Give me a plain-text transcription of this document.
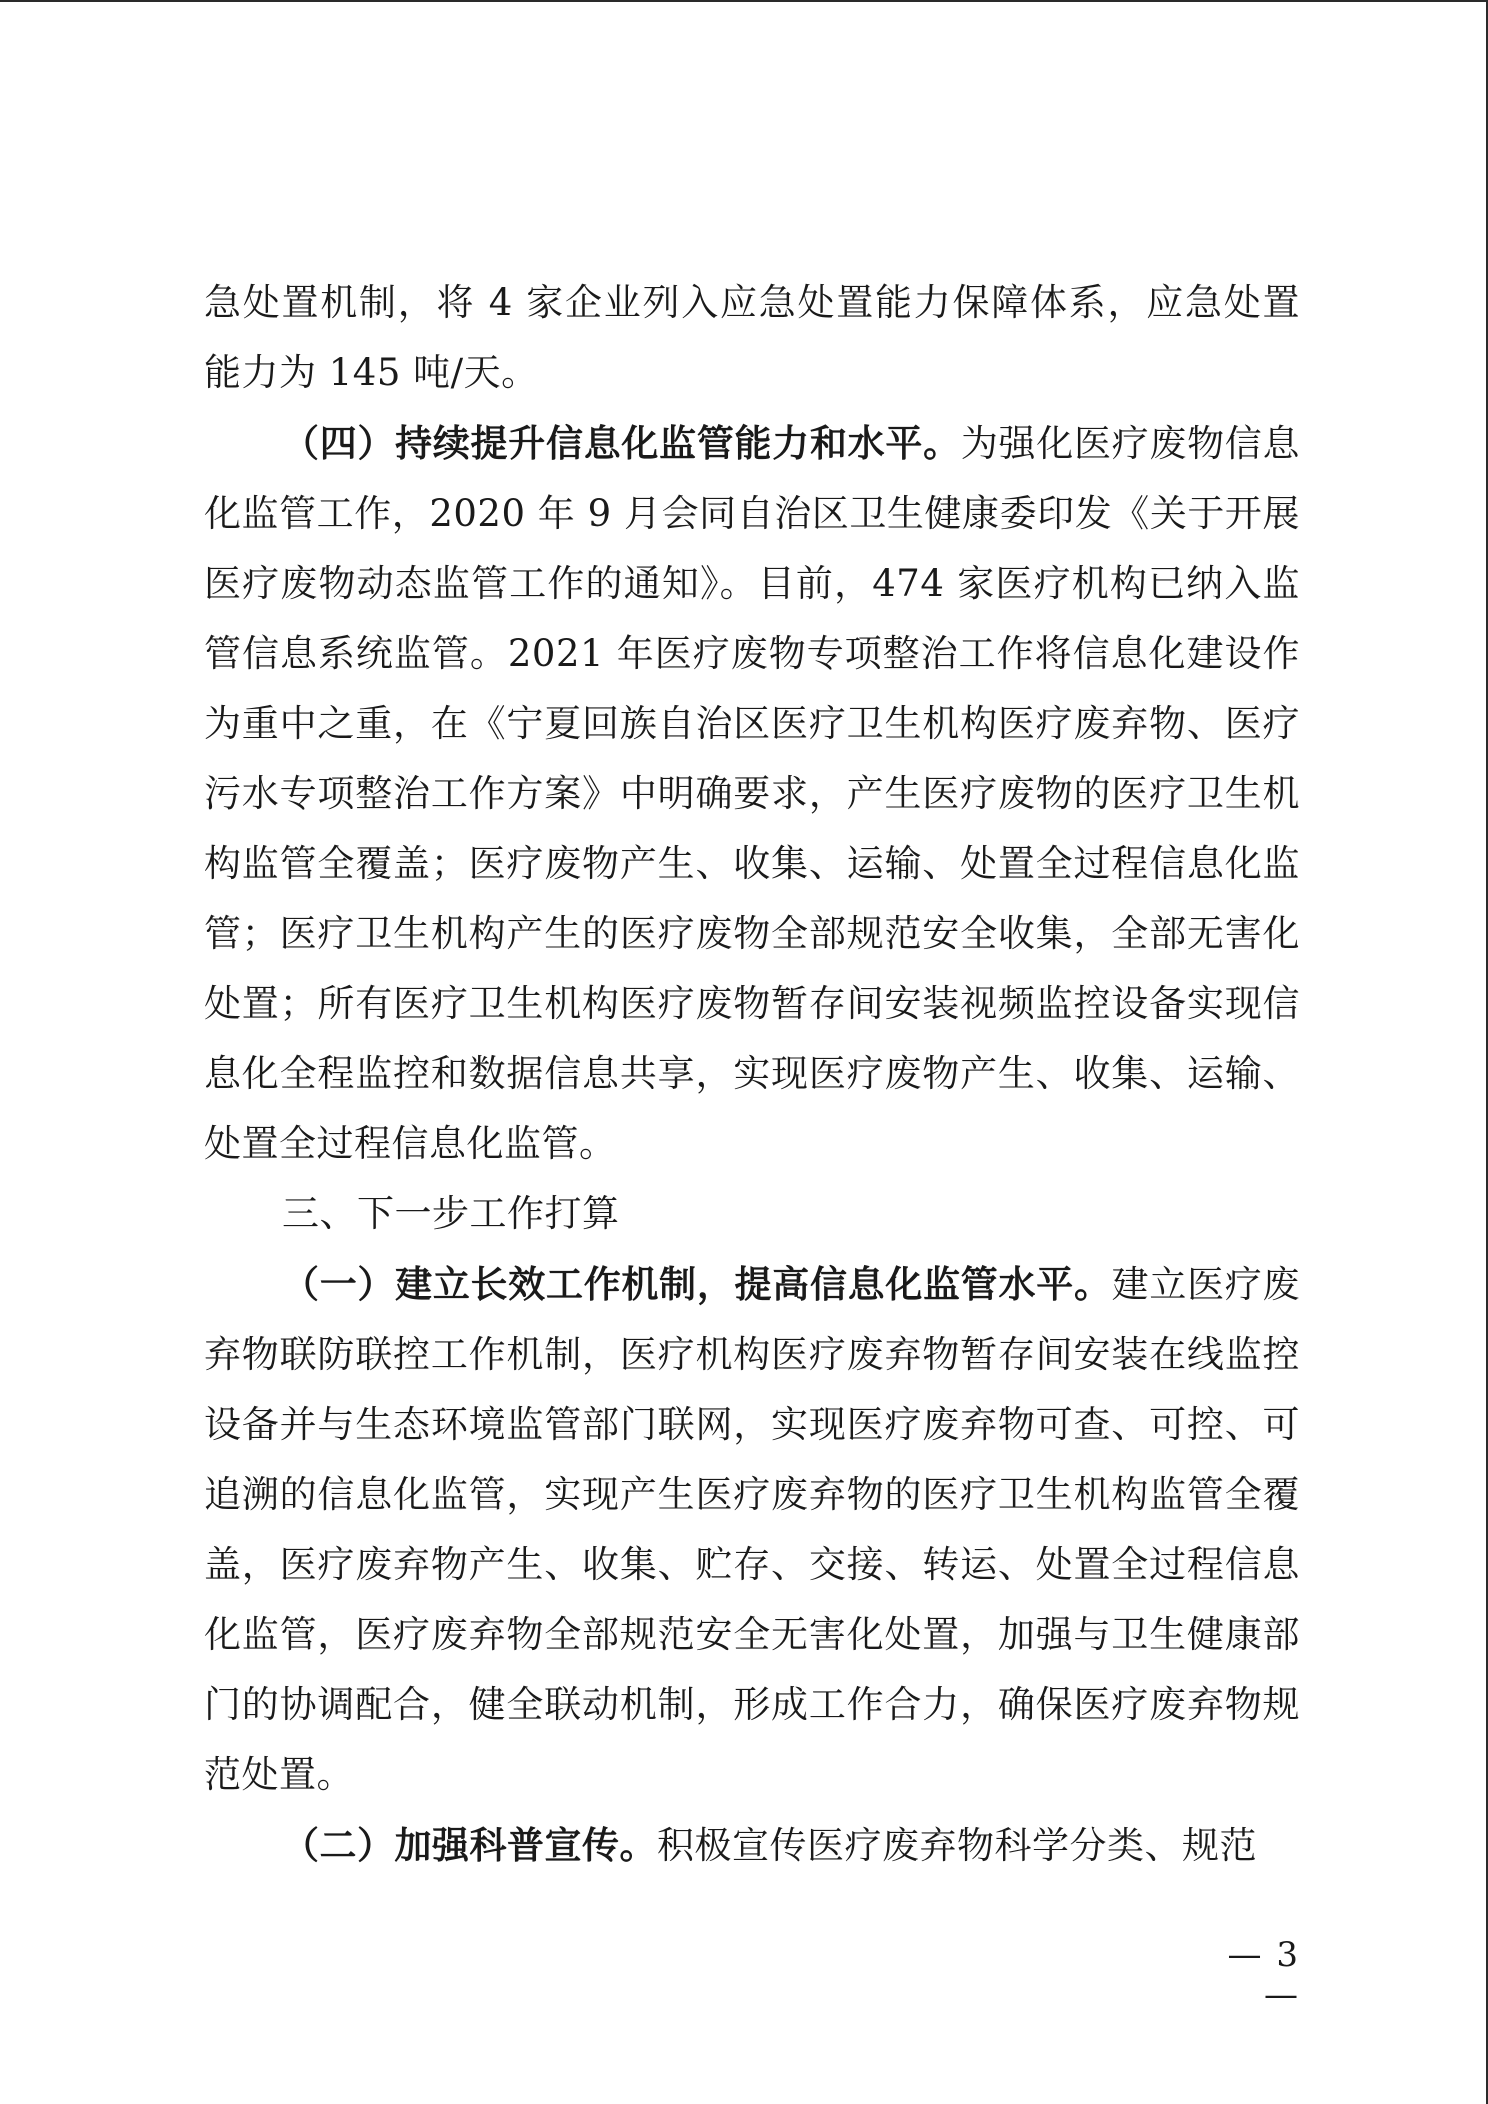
急处置机制，将 4 家企业列入应急处置能力保障体系，应急处置能力为 145 吨/天。

（四）持续提升信息化监管能力和水平。为强化医疗废物信息化监管工作，2020 年 9 月会同自治区卫生健康委印发《关于开展医疗废物动态监管工作的通知》。目前，474 家医疗机构已纳入监管信息系统监管。2021 年医疗废物专项整治工作将信息化建设作为重中之重，在《宁夏回族自治区医疗卫生机构医疗废弃物、医疗污水专项整治工作方案》中明确要求，产生医疗废物的医疗卫生机构监管全覆盖；医疗废物产生、收集、运输、处置全过程信息化监管；医疗卫生机构产生的医疗废物全部规范安全收集，全部无害化处置；所有医疗卫生机构医疗废物暂存间安装视频监控设备实现信息化全程监控和数据信息共享，实现医疗废物产生、收集、运输、处置全过程信息化监管。

三、下一步工作打算

（一）建立长效工作机制，提高信息化监管水平。建立医疗废弃物联防联控工作机制，医疗机构医疗废弃物暂存间安装在线监控设备并与生态环境监管部门联网，实现医疗废弃物可查、可控、可追溯的信息化监管，实现产生医疗废弃物的医疗卫生机构监管全覆盖，医疗废弃物产生、收集、贮存、交接、转运、处置全过程信息化监管，医疗废弃物全部规范安全无害化处置，加强与卫生健康部门的协调配合，健全联动机制，形成工作合力，确保医疗废弃物规范处置。

（二）加强科普宣传。积极宣传医疗废弃物科学分类、规范

— 3 —
